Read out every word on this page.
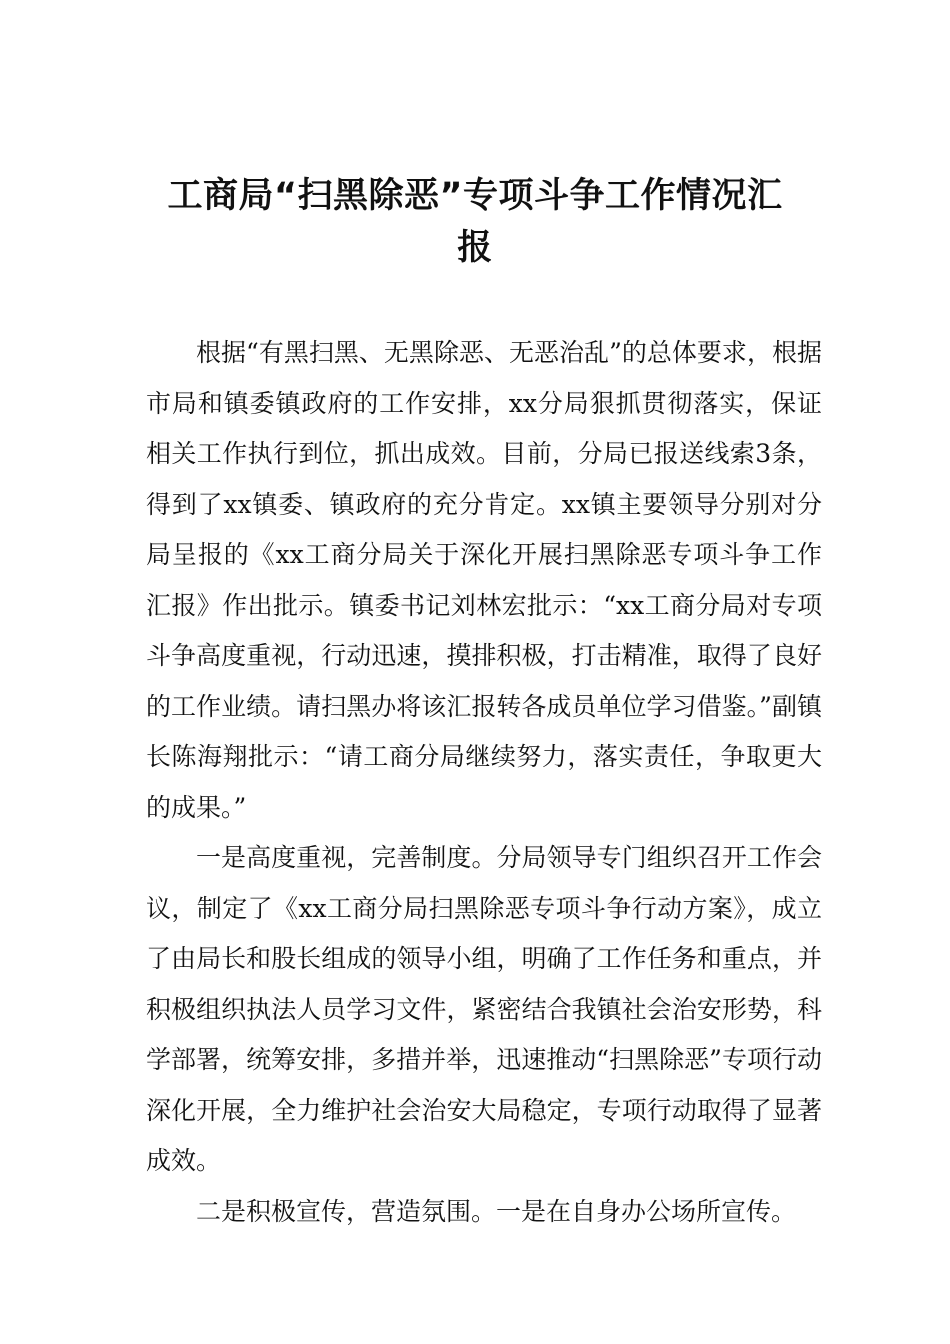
工商局“扫黑除恶”专项斗争工作情况汇
报

根据“有黑扫黑、无黑除恶、无恶治乱”的总体要求，根据市局和镇委镇政府的工作安排，xx分局狠抓贯彻落实，保证相关工作执行到位，抓出成效。目前，分局已报送线索3条，得到了xx镇委、镇政府的充分肯定。xx镇主要领导分别对分局呈报的《xx工商分局关于深化开展扫黑除恶专项斗争工作汇报》作出批示。镇委书记刘林宏批示：“xx工商分局对专项斗争高度重视，行动迅速，摸排积极，打击精准，取得了良好的工作业绩。请扫黑办将该汇报转各成员单位学习借鉴。”副镇长陈海翔批示：“请工商分局继续努力，落实责任，争取更大的成果。”

一是高度重视，完善制度。分局领导专门组织召开工作会议，制定了《xx工商分局扫黑除恶专项斗争行动方案》，成立了由局长和股长组成的领导小组，明确了工作任务和重点，并积极组织执法人员学习文件，紧密结合我镇社会治安形势，科学部署，统筹安排，多措并举，迅速推动“扫黑除恶”专项行动深化开展，全力维护社会治安大局稳定，专项行动取得了显著成效。

二是积极宣传，营造氛围。一是在自身办公场所宣传。
